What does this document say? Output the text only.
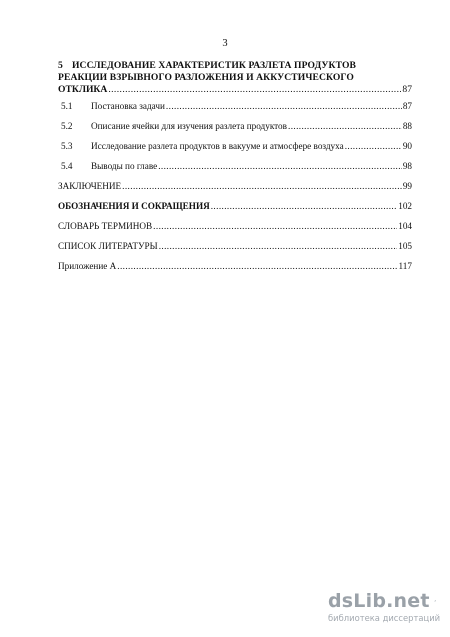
3

5 ИССЛЕДОВАНИЕ ХАРАКТЕРИСТИК РАЗЛЕТА ПРОДУКТОВ

РЕАКЦИИ ВЗРЫВНОГО РАЗЛОЖЕНИЯ И АККУСТИЧЕСКОГО

ОТКЛИКА .....	87
5.1 Постановка задачи .....	87
5.2 Описание ячейки для изучения разлета продуктов .....	88
5.3 Исследование разлета продуктов в вакууме и атмосфере воздуха .....	90
5.4 Выводы по главе .....	98
ЗАКЛЮЧЕНИЕ .....	99
ОБОЗНАЧЕНИЯ И СОКРАЩЕНИЯ .....	102
СЛОВАРЬ ТЕРМИНОВ .....	104
СПИСОК ЛИТЕРАТУРЫ .....	105
Приложение А .....	117
dsLib.net
библиотека диссертаций
